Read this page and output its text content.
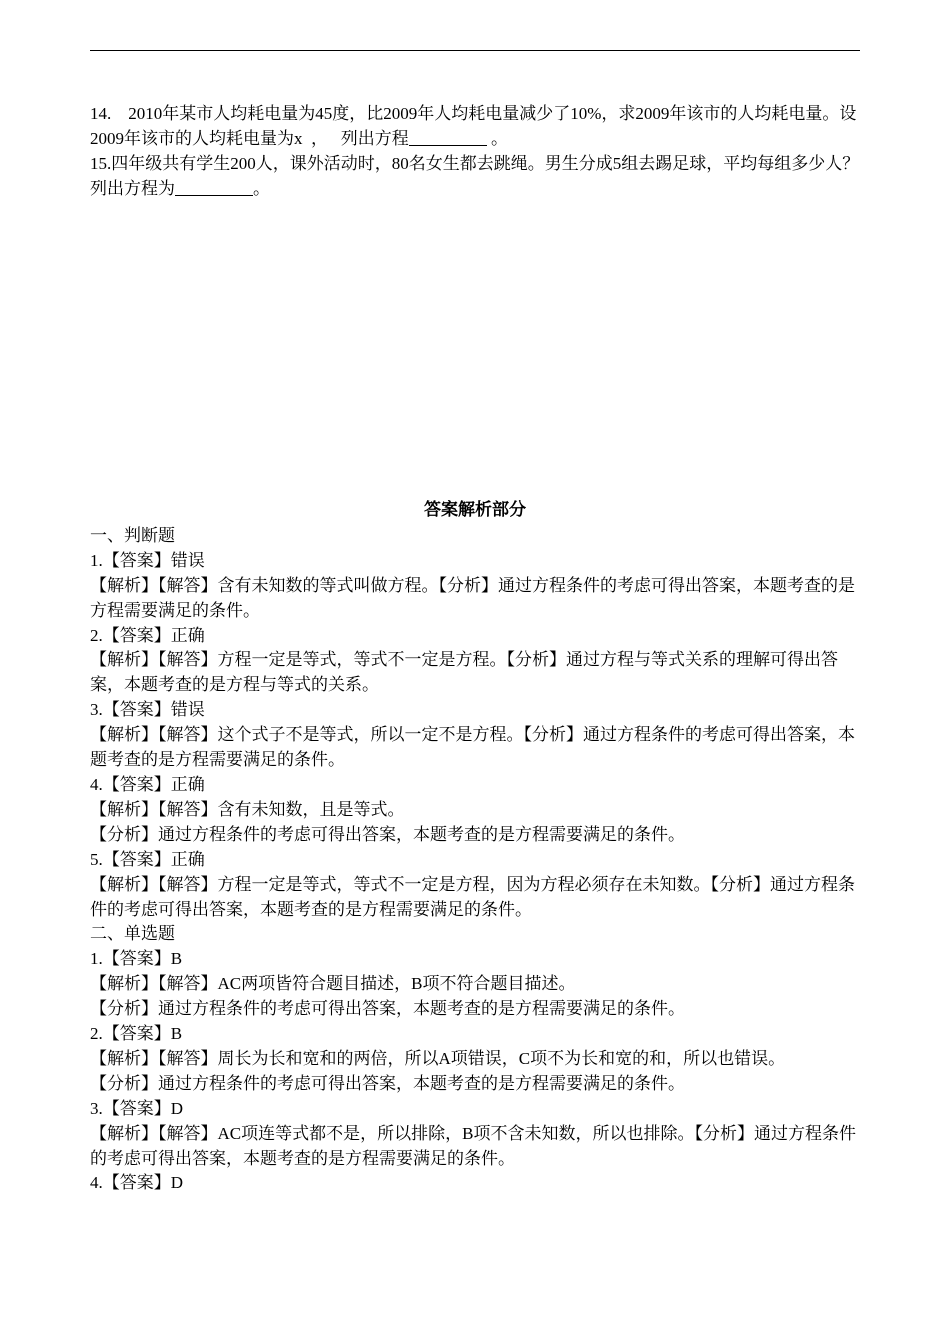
14.    2010年某市人均耗电量为45度，比2009年人均耗电量减少了10%，求2009年该市的人均耗电量。设2009年该市的人均耗电量为x  ，   列出方程	。

15.四年级共有学生200人，课外活动时，80名女生都去跳绳。男生分成5组去踢足球，平均每组多少人？列出方程为	。

答案解析部分

一、判断题

1.【答案】错误

【解析】【解答】含有未知数的等式叫做方程。【分析】通过方程条件的考虑可得出答案，本题考查的是方程需要满足的条件。

2.【答案】正确

【解析】【解答】方程一定是等式，等式不一定是方程。【分析】通过方程与等式关系的理解可得出答案，本题考查的是方程与等式的关系。

3.【答案】错误

【解析】【解答】这个式子不是等式，所以一定不是方程。【分析】通过方程条件的考虑可得出答案，本题考查的是方程需要满足的条件。

4.【答案】正确

【解析】【解答】含有未知数，且是等式。

【分析】通过方程条件的考虑可得出答案，本题考查的是方程需要满足的条件。

5.【答案】正确

【解析】【解答】方程一定是等式，等式不一定是方程，因为方程必须存在未知数。【分析】通过方程条件的考虑可得出答案，本题考查的是方程需要满足的条件。

二、单选题

1.【答案】B

【解析】【解答】AC两项皆符合题目描述，B项不符合题目描述。

【分析】通过方程条件的考虑可得出答案，本题考查的是方程需要满足的条件。

2.【答案】B

【解析】【解答】周长为长和宽和的两倍，所以A项错误，C项不为长和宽的和，所以也错误。

【分析】通过方程条件的考虑可得出答案，本题考查的是方程需要满足的条件。

3.【答案】D

【解析】【解答】AC项连等式都不是，所以排除，B项不含未知数，所以也排除。【分析】通过方程条件的考虑可得出答案，本题考查的是方程需要满足的条件。

4.【答案】D
